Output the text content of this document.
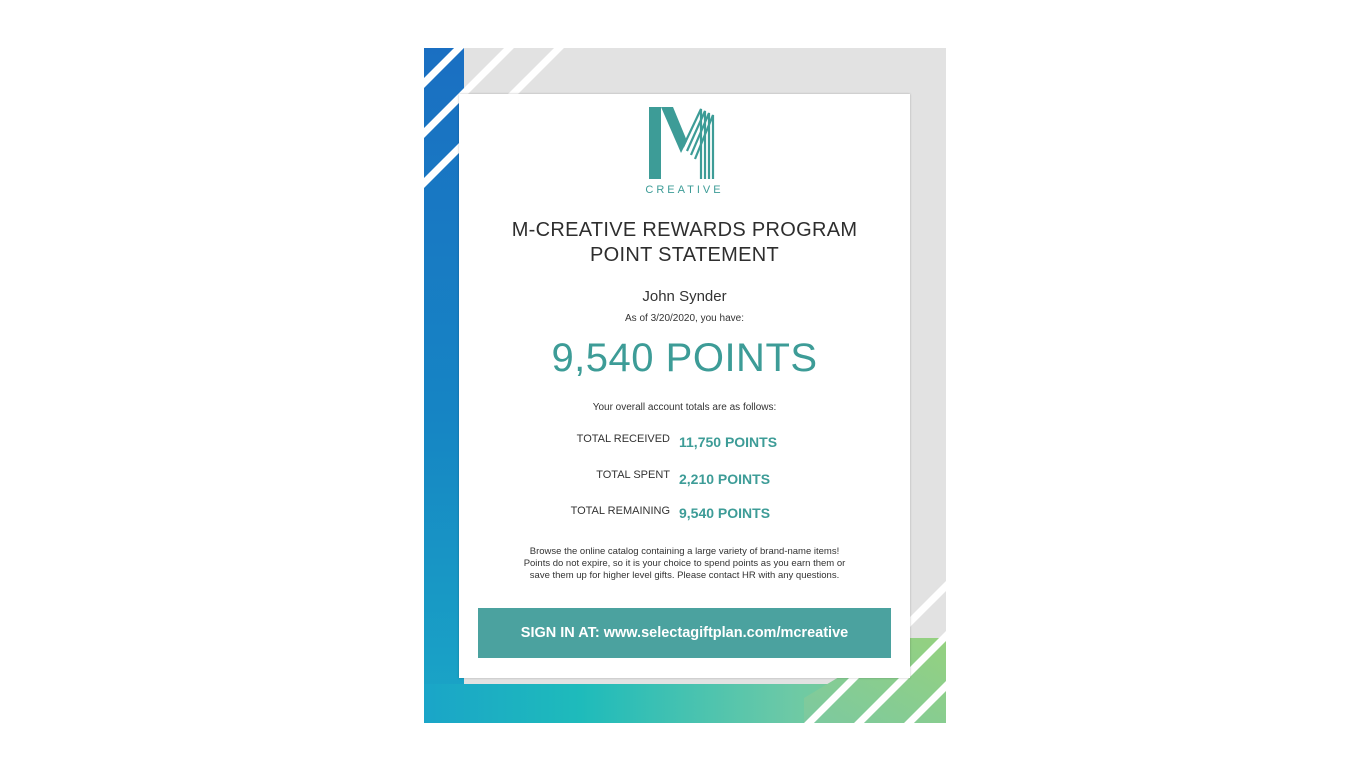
CREATIVE
M-CREATIVE REWARDS PROGRAM
POINT STATEMENT
John Synder
As of 3/20/2020, you have:
9,540 POINTS
Your overall account totals are as follows:
TOTAL RECEIVED 11,750 POINTS
TOTAL SPENT 2,210 POINTS
TOTAL REMAINING 9,540 POINTS
Browse the online catalog containing a large variety of brand-name items!
Points do not expire, so it is your choice to spend points as you earn them or
save them up for higher level gifts. Please contact HR with any questions.
SIGN IN AT: www.selectagiftplan.com/mcreative
